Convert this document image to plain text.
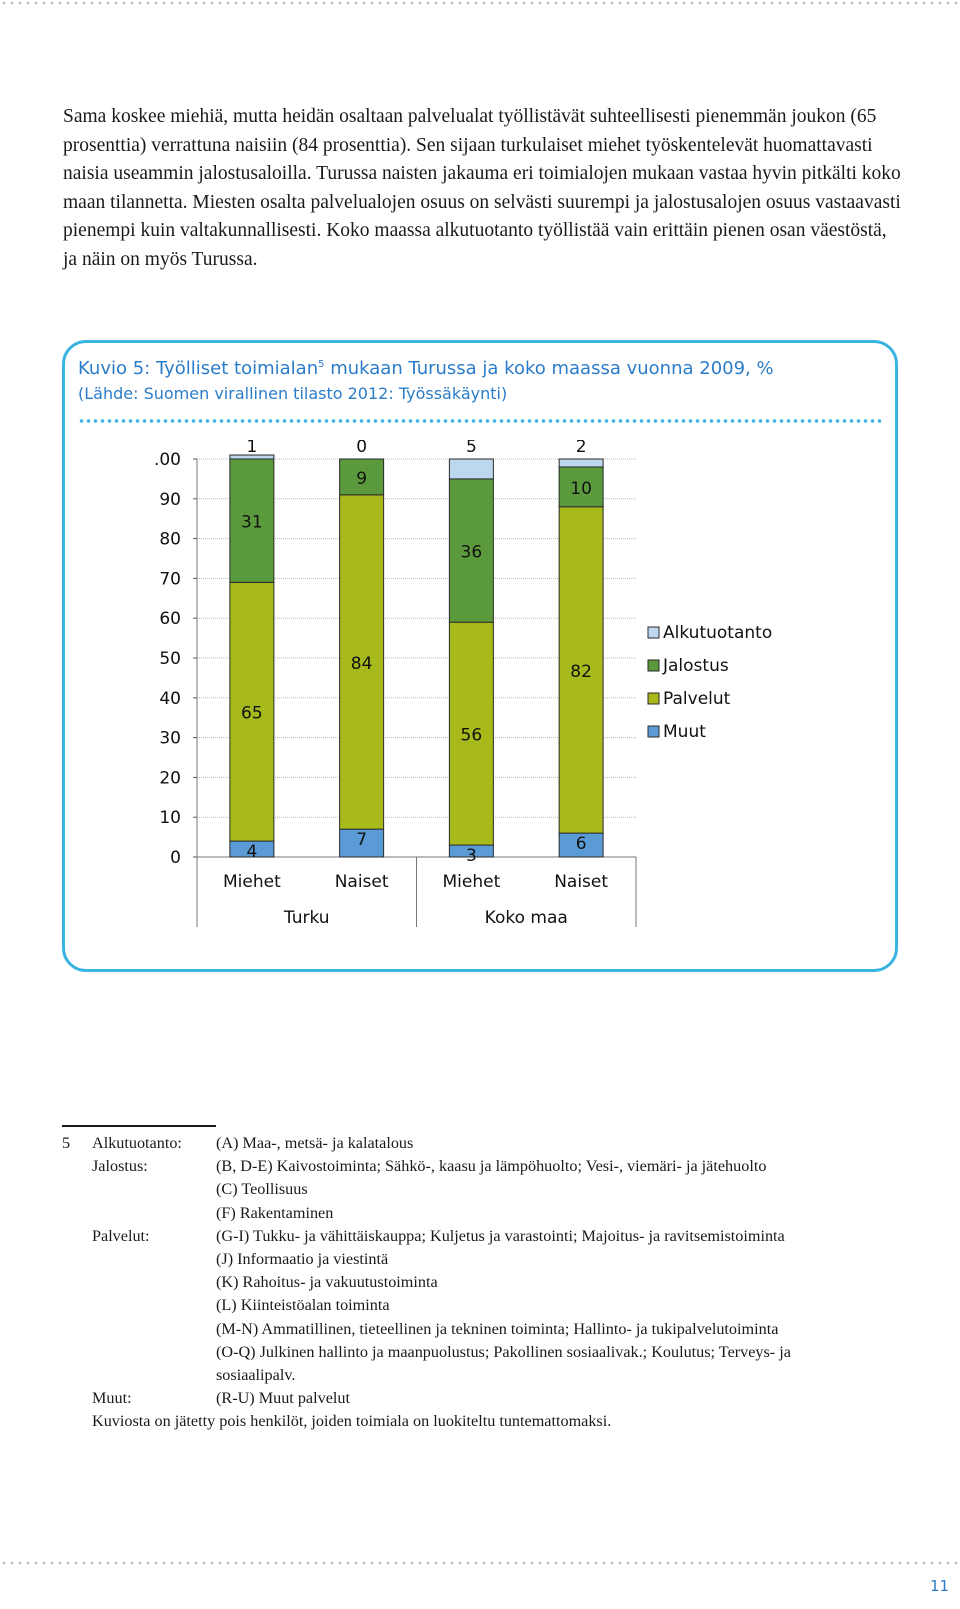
Sama koskee miehiä, mutta heidän osaltaan palvelualat työllistävät suhteellisesti pienemmän joukon (65 prosenttia) verrattuna naisiin (84 prosenttia). Sen sijaan turkulaiset miehet työskentelevät huomattavasti naisia useammin jalostusaloilla. Turussa naisten jakauma eri toimialojen mukaan vastaa hyvin pitkälti koko maan tilannetta. Miesten osalta palvelualojen osuus on selvästi suurempi ja jalostusalojen osuus vastaavasti pienempi kuin valtakunnallisesti. Koko maassa alkutuotanto työllistää vain erittäin pienen osan väestöstä, ja näin on myös Turussa.

Kuvio 5: Työlliset toimialan$^5$ mukaan Turussa ja koko maassa vuonna 2009, %

(Lähde: Suomen virallinen tilasto 2012: Työssäkäynti)

.00
90
80
70
60
50
40
30
20
10
0	4
65
31
1
Miehet
7
84
9
0
Naiset
3
56
36
5
Miehet
6
82
10
2
Naiset
Turku	Koko maa
Alkutuotanto
Jalostus
Palvelut
Muut
5 Alkutuotanto: (A) Maa-, metsä- ja kalatalous
Jalostus:	(B, D-E) Kaivostoiminta; Sähkö-, kaasu ja lämpöhuolto; Vesi-, viemäri- ja jätehuolto
(C) Teollisuus
(F) Rakentaminen
Palvelut:	(G-I) Tukku- ja vähittäiskauppa; Kuljetus ja varastointi; Majoitus- ja ravitsemistoiminta
(J) Informaatio ja viestintä
(K) Rahoitus- ja vakuutustoiminta
(L) Kiinteistöalan toiminta
(M-N) Ammatillinen, tieteellinen ja tekninen toiminta; Hallinto- ja tukipalvelutoiminta
(O-Q) Julkinen hallinto ja maanpuolustus; Pakollinen sosiaalivak.; Koulutus; Terveys- ja
sosiaalipalv.
Muut:	(R-U) Muut palvelut
Kuviosta on jätetty pois henkilöt, joiden toimiala on luokiteltu tuntemattomaksi.
11
